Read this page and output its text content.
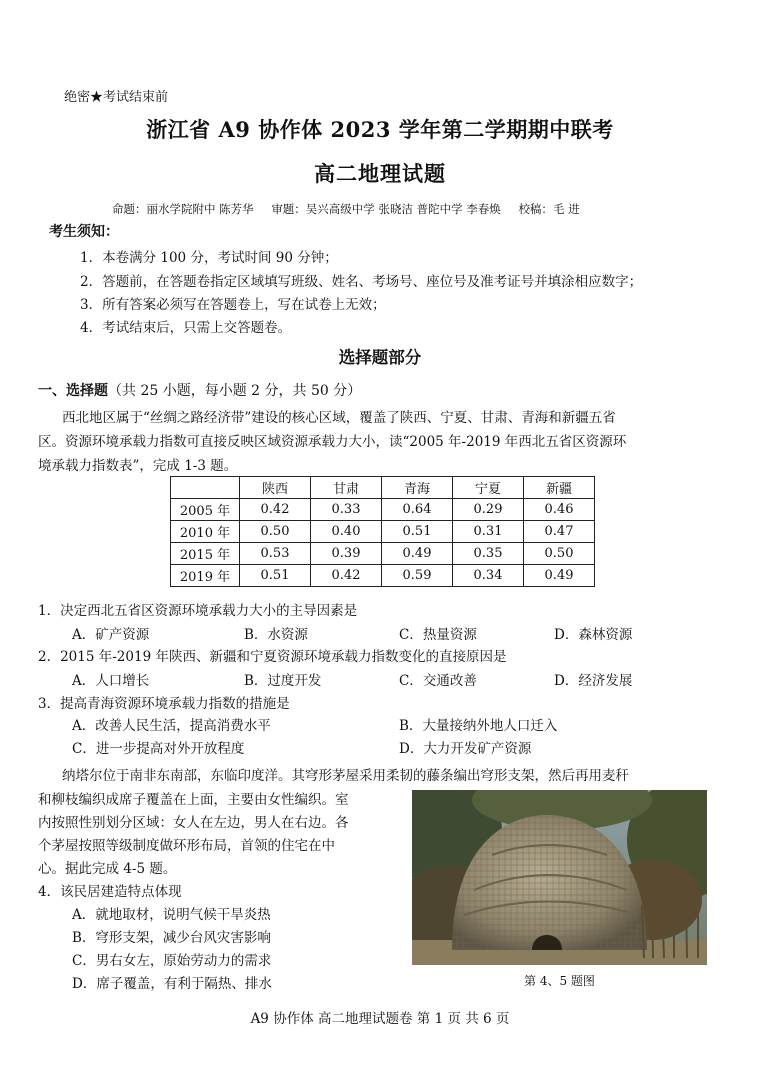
绝密★考试结束前
浙江省 A9 协作体 2023 学年第二学期期中联考
高二地理试题
命题：丽水学院附中 陈芳华 审题：吴兴高级中学 张晓洁 普陀中学 李春焕 校稿：毛 进
考生须知：
1．本卷满分 100 分，考试时间 90 分钟；
2．答题前，在答题卷指定区域填写班级、姓名、考场号、座位号及准考证号并填涂相应数字；
3．所有答案必须写在答题卷上，写在试卷上无效；
4．考试结束后，只需上交答题卷。
选择题部分
一、选择题（共 25 小题，每小题 2 分，共 50 分）
西北地区属于“丝绸之路经济带”建设的核心区域，覆盖了陕西、宁夏、甘肃、青海和新疆五省
区。资源环境承载力指数可直接反映区域资源承载力大小，读“2005 年-2019 年西北五省区资源环
境承载力指数表”，完成 1-3 题。
	陕西	甘肃	青海	宁夏	新疆
2005 年	0.42	0.33	0.64	0.29	0.46
2010 年	0.50	0.40	0.51	0.31	0.47
2015 年	0.53	0.39	0.49	0.35	0.50
2019 年	0.51	0.42	0.59	0.34	0.49
1．决定西北五省区资源环境承载力大小的主导因素是
A．矿产资源	B．水资源	C．热量资源	D．森林资源
2．2015 年-2019 年陕西、新疆和宁夏资源环境承载力指数变化的直接原因是
A．人口增长	B．过度开发	C．交通改善	D．经济发展
3．提高青海资源环境承载力指数的措施是
A．改善人民生活，提高消费水平	B．大量接纳外地人口迁入
C．进一步提高对外开放程度	D．大力开发矿产资源
纳塔尔位于南非东南部，东临印度洋。其穹形茅屋采用柔韧的藤条编出穹形支架，然后再用麦秆
和柳枝编织成席子覆盖在上面，主要由女性编织。室
内按照性别划分区域：女人在左边，男人在右边。各
个茅屋按照等级制度做环形布局，首领的住宅在中
心。据此完成 4-5 题。
4．该民居建造特点体现
A．就地取材，说明气候干旱炎热
B．穹形支架，减少台风灾害影响
C．男右女左，原始劳动力的需求
D．席子覆盖，有利于隔热、排水	第 4、5 题图
A9 协作体 高二地理试题卷 第 1 页 共 6 页
